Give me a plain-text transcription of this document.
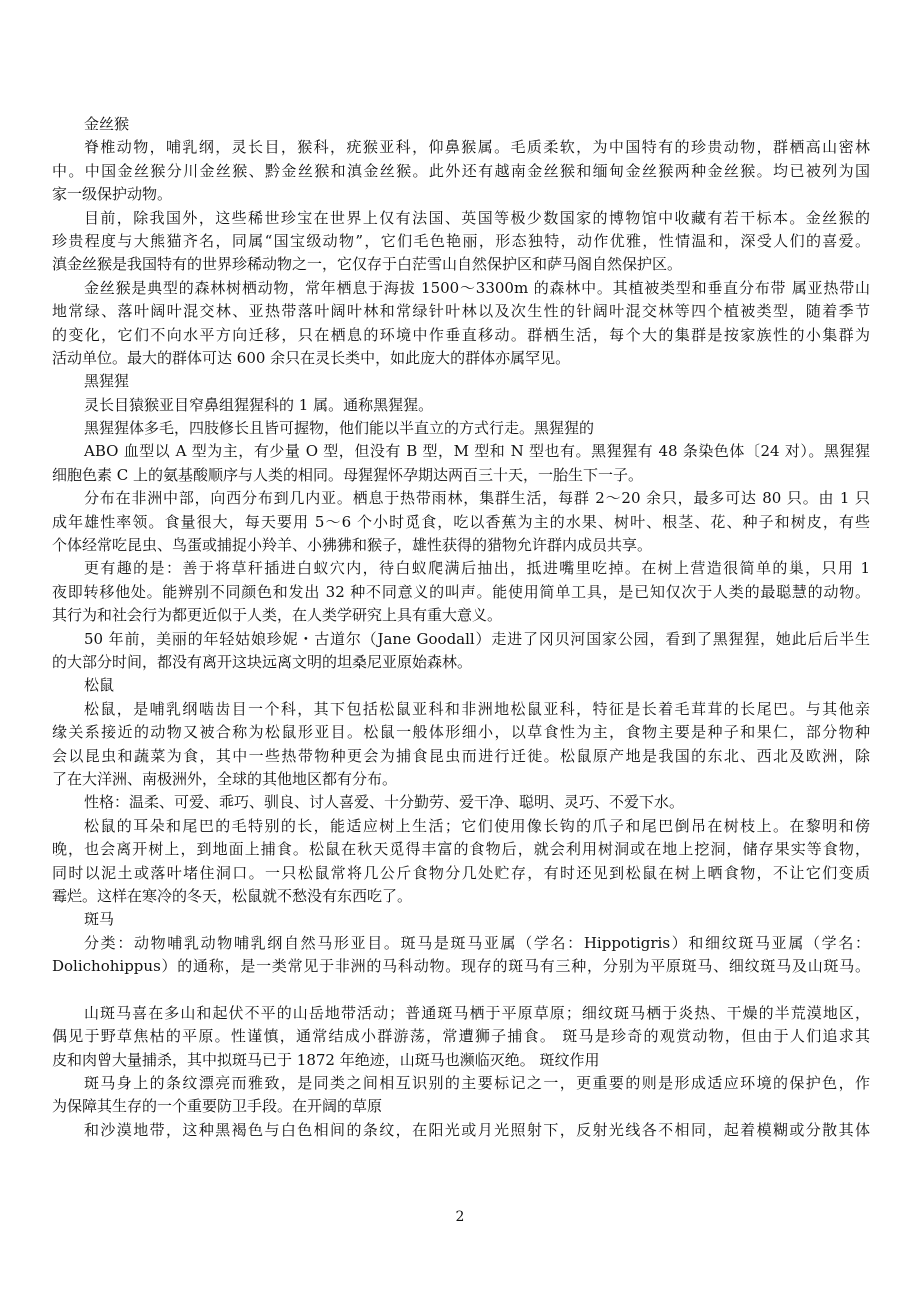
金丝猴

脊椎动物，哺乳纲，灵长目，猴科，疣猴亚科，仰鼻猴属。毛质柔软，为中国特有的珍贵动物，群栖高山密林

中。中国金丝猴分川金丝猴、黔金丝猴和滇金丝猴。此外还有越南金丝猴和缅甸金丝猴两种金丝猴。均已被列为国

家一级保护动物。

目前，除我国外，这些稀世珍宝在世界上仅有法国、英国等极少数国家的博物馆中收藏有若干标本。金丝猴的

珍贵程度与大熊猫齐名，同属“国宝级动物”，它们毛色艳丽，形态独特，动作优雅，性情温和，深受人们的喜爱。

滇金丝猴是我国特有的世界珍稀动物之一，它仅存于白茫雪山自然保护区和萨马阁自然保护区。

金丝猴是典型的森林树栖动物，常年栖息于海拔 1500～3300m 的森林中。其植被类型和垂直分布带 属亚热带山

地常绿、落叶阔叶混交林、亚热带落叶阔叶林和常绿针叶林以及次生性的针阔叶混交林等四个植被类型，随着季节

的变化，它们不向水平方向迁移，只在栖息的环境中作垂直移动。群栖生活，每个大的集群是按家族性的小集群为

活动单位。最大的群体可达 600 余只在灵长类中，如此庞大的群体亦属罕见。

黑猩猩

灵长目猿猴亚目窄鼻组猩猩科的 1 属。通称黑猩猩。

黑猩猩体多毛，四肢修长且皆可握物，他们能以半直立的方式行走。黑猩猩的

ABO 血型以 A 型为主，有少量 O 型，但没有 B 型，M 型和 N 型也有。黑猩猩有 48 条染色体〔24 对）。黑猩猩

细胞色素 C 上的氨基酸顺序与人类的相同。母猩猩怀孕期达两百三十天，一胎生下一子。

分布在非洲中部，向西分布到几内亚。栖息于热带雨林，集群生活，每群 2～20 余只，最多可达 80 只。由 1 只

成年雄性率领。食量很大，每天要用 5～6 个小时觅食，吃以香蕉为主的水果、树叶、根茎、花、种子和树皮，有些

个体经常吃昆虫、鸟蛋或捕捉小羚羊、小狒狒和猴子，雄性获得的猎物允许群内成员共享。

更有趣的是：善于将草秆插进白蚁穴内，待白蚁爬满后抽出，抵进嘴里吃掉。在树上营造很简单的巢，只用 1

夜即转移他处。能辨别不同颜色和发出 32 种不同意义的叫声。能使用简单工具，是已知仅次于人类的最聪慧的动物。

其行为和社会行为都更近似于人类，在人类学研究上具有重大意义。

50 年前，美丽的年轻姑娘珍妮・古道尔（Jane Goodall）走进了冈贝河国家公园，看到了黑猩猩，她此后后半生

的大部分时间，都没有离开这块远离文明的坦桑尼亚原始森林。

松鼠

松鼠，是哺乳纲啮齿目一个科，其下包括松鼠亚科和非洲地松鼠亚科，特征是长着毛茸茸的长尾巴。与其他亲

缘关系接近的动物又被合称为松鼠形亚目。松鼠一般体形细小，以草食性为主，食物主要是种子和果仁，部分物种

会以昆虫和蔬菜为食，其中一些热带物种更会为捕食昆虫而进行迁徙。松鼠原产地是我国的东北、西北及欧洲，除

了在大洋洲、南极洲外，全球的其他地区都有分布。

性格：温柔、可爱、乖巧、驯良、讨人喜爱、十分勤劳、爱干净、聪明、灵巧、不爱下水。

松鼠的耳朵和尾巴的毛特别的长，能适应树上生活；它们使用像长钩的爪子和尾巴倒吊在树枝上。在黎明和傍

晚，也会离开树上，到地面上捕食。松鼠在秋天觅得丰富的食物后，就会利用树洞或在地上挖洞，储存果实等食物，

同时以泥土或落叶堵住洞口。一只松鼠常将几公斤食物分几处贮存，有时还见到松鼠在树上晒食物，不让它们变质

霉烂。这样在寒冷的冬天，松鼠就不愁没有东西吃了。

斑马

分类：动物哺乳动物哺乳纲自然马形亚目。斑马是斑马亚属（学名：Hippotigris）和细纹斑马亚属（学名：

Dolichohippus）的通称，是一类常见于非洲的马科动物。现存的斑马有三种，分别为平原斑马、细纹斑马及山斑马。

山斑马喜在多山和起伏不平的山岳地带活动；普通斑马栖于平原草原；细纹斑马栖于炎热、干燥的半荒漠地区，

偶见于野草焦枯的平原。性谨慎，通常结成小群游荡，常遭狮子捕食。 斑马是珍奇的观赏动物，但由于人们追求其

皮和肉曾大量捕杀，其中拟斑马已于 1872 年绝迹，山斑马也濒临灭绝。 斑纹作用

斑马身上的条纹漂亮而雅致，是同类之间相互识别的主要标记之一，更重要的则是形成适应环境的保护色，作

为保障其生存的一个重要防卫手段。在开阔的草原

和沙漠地带，这种黑褐色与白色相间的条纹，在阳光或月光照射下，反射光线各不相同，起着模糊或分散其体

2
